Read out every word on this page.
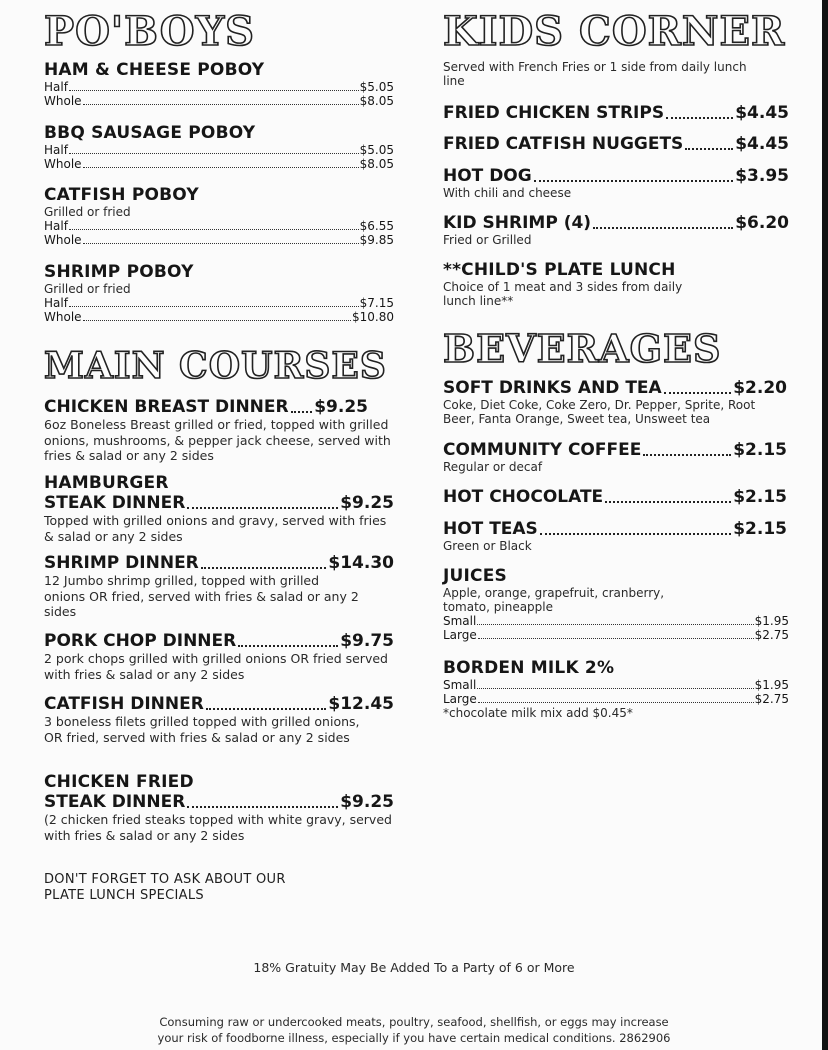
PO'BOYS
HAM & CHEESE POBOY
Half	$5.05
Whole	$8.05
BBQ SAUSAGE POBOY
Half	$5.05
Whole	$8.05
CATFISH POBOY
Grilled or fried
Half	$6.55
Whole	$9.85
SHRIMP POBOY
Grilled or fried
Half	$7.15
Whole	$10.80
MAIN COURSES
CHICKEN BREAST DINNER $9.25
6oz Boneless Breast grilled or fried, topped with grilled onions, mushrooms, & pepper jack cheese, served with fries & salad or any 2 sides
HAMBURGER
STEAK DINNER	$9.25
Topped with grilled onions and gravy, served with fries & salad or any 2 sides
SHRIMP DINNER	$14.30
12 Jumbo shrimp grilled, topped with grilled onions OR fried, served with fries & salad or any 2 sides
PORK CHOP DINNER	$9.75
2 pork chops grilled with grilled onions OR fried served with fries & salad or any 2 sides
CATFISH DINNER	$12.45
3 boneless filets grilled topped with grilled onions, OR fried, served with fries & salad or any 2 sides
CHICKEN FRIED
STEAK DINNER	$9.25
(2 chicken fried steaks topped with white gravy, served with fries & salad or any 2 sides
DON'T FORGET TO ASK ABOUT OUR PLATE LUNCH SPECIALS
KIDS CORNER
Served with French Fries or 1 side from daily lunch line
FRIED CHICKEN STRIPS	$4.45
FRIED CATFISH NUGGETS	$4.45
HOT DOG	$3.95
With chili and cheese
KID SHRIMP (4)	$6.20
Fried or Grilled
**CHILD'S PLATE LUNCH
Choice of 1 meat and 3 sides from daily lunch line**
BEVERAGES
SOFT DRINKS AND TEA	$2.20
Coke, Diet Coke, Coke Zero, Dr. Pepper, Sprite, Root Beer, Fanta Orange, Sweet tea, Unsweet tea
COMMUNITY COFFEE	$2.15
Regular or decaf
HOT CHOCOLATE	$2.15
HOT TEAS	$2.15
Green or Black
JUICES
Apple, orange, grapefruit, cranberry, tomato, pineapple
Small	$1.95
Large	$2.75
BORDEN MILK 2%
Small	$1.95
Large	$2.75
*chocolate milk mix add $0.45*
18% Gratuity May Be Added To a Party of 6 or More
Consuming raw or undercooked meats, poultry, seafood, shellfish, or eggs may increase
your risk of foodborne illness, especially if you have certain medical conditions. 2862906
